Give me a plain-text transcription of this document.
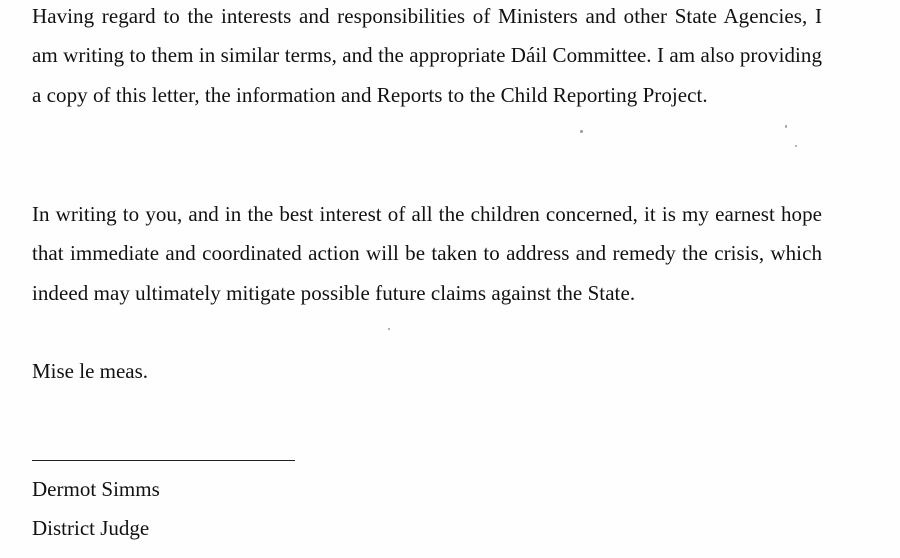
Having regard to the interests and responsibilities of Ministers and other State Agencies, I am writing to them in similar terms, and the appropriate Dáil Committee. I am also providing a copy of this letter, the information and Reports to the Child Reporting Project.

In writing to you, and in the best interest of all the children concerned, it is my earnest hope that immediate and coordinated action will be taken to address and remedy the crisis, which indeed may ultimately mitigate possible future claims against the State.

Mise le meas.

Dermot Simms

District Judge
